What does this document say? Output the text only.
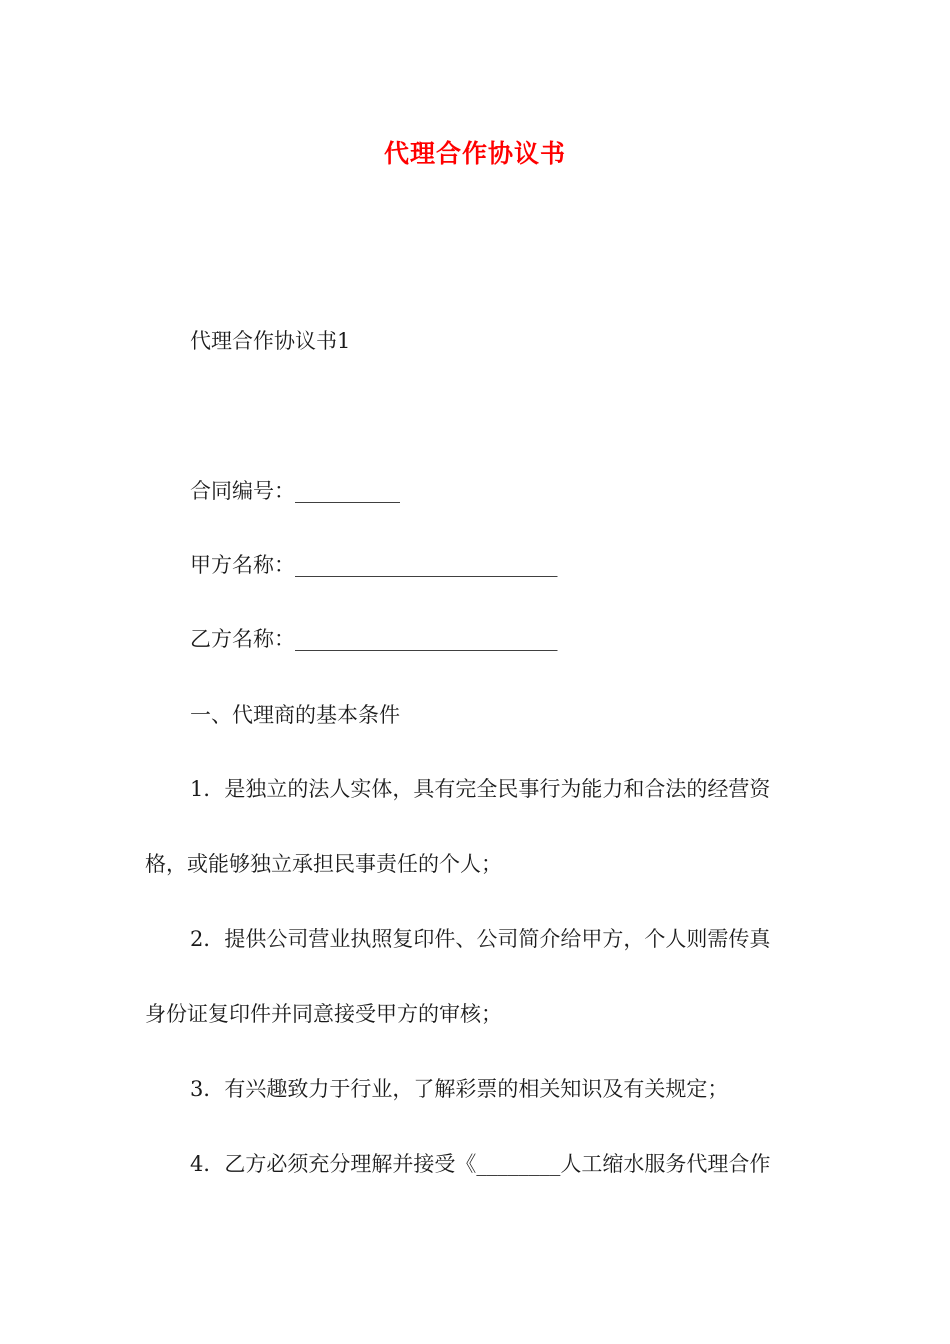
代理合作协议书
代理合作协议书1
合同编号：__________
甲方名称：_________________________
乙方名称：_________________________
一、代理商的基本条件
1．是独立的法人实体，具有完全民事行为能力和合法的经营资
格，或能够独立承担民事责任的个人；
2．提供公司营业执照复印件、公司简介给甲方，个人则需传真
身份证复印件并同意接受甲方的审核；
3．有兴趣致力于行业，了解彩票的相关知识及有关规定；
4．乙方必须充分理解并接受《________人工缩水服务代理合作
